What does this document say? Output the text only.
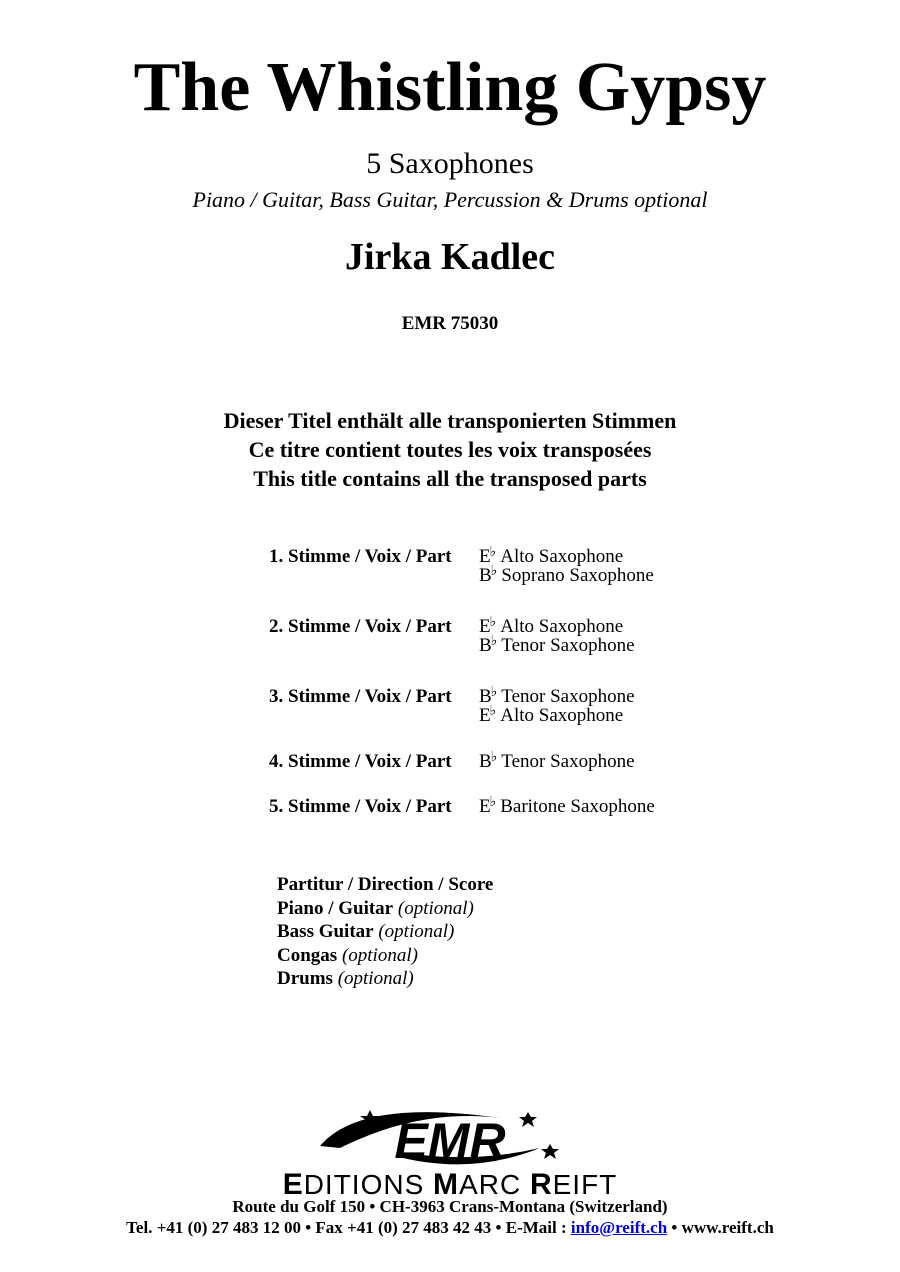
The Whistling Gypsy
5 Saxophones
Piano / Guitar, Bass Guitar, Percussion & Drums optional
Jirka Kadlec
EMR 75030
Dieser Titel enthält alle transponierten Stimmen
Ce titre contient toutes les voix transposées
This title contains all the transposed parts
1. Stimme / Voix / Part E♭ Alto Saxophone
B♭ Soprano Saxophone
2. Stimme / Voix / Part E♭ Alto Saxophone
B♭ Tenor Saxophone
3. Stimme / Voix / Part B♭ Tenor Saxophone
E♭ Alto Saxophone
4. Stimme / Voix / Part B♭ Tenor Saxophone
5. Stimme / Voix / Part E♭ Baritone Saxophone
Partitur / Direction / Score
Piano / Guitar (optional)
Bass Guitar (optional)
Congas (optional)
Drums (optional)
EMR
EDITIONS MARC REIFT
Route du Golf 150 • CH-3963 Crans-Montana (Switzerland)
Tel. +41 (0) 27 483 12 00 • Fax +41 (0) 27 483 42 43 • E-Mail : info@reift.ch • www.reift.ch
